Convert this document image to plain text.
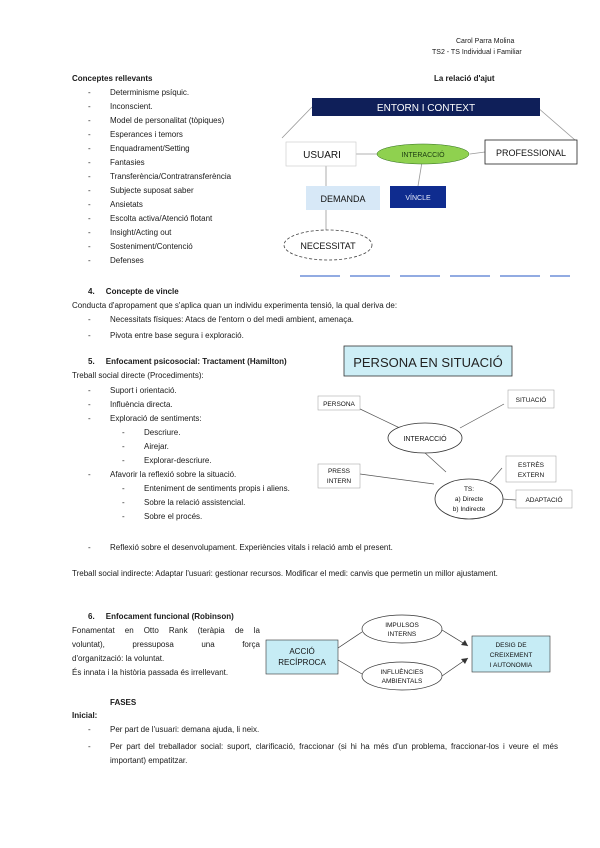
Carol Parra Molina
TS2 - TS Individual i Familiar
Conceptes rellevants
- Determinisme psíquic.
- Inconscient.
- Model de personalitat (tòpiques)
- Esperances i temors
- Enquadrament/Setting
- Fantasies
- Transferència/Contratransferència
- Subjecte suposat saber
- Ansietats
- Escolta activa/Atenció flotant
- Insight/Acting out
- Sosteniment/Contenció
- Defenses
La relació d'ajut
ENTORN I CONTEXT
USUARI	INTERACCIÓ	PROFESSIONAL
DEMANDA	VÍNCLE
NECESSITAT
4. Concepte de vincle
Conducta d'apropament que s'aplica quan un individu experimenta tensió, la qual deriva de:
- Necessitats físiques: Atacs de l'entorn o del medi ambient, amenaça.
- Pivota entre base segura i exploració.
5. Enfocament psicosocial: Tractament (Hamilton)
Treball social directe (Procediments):
- Suport i orientació.
- Influència directa.
- Exploració de sentiments:
- Descriure.
- Airejar.
- Explorar-descriure.
- Afavorir la reflexió sobre la situació.
- Enteniment de sentiments propis i aliens.
- Sobre la relació assistencial.
- Sobre el procés.
- Reflexió sobre el desenvolupament. Experiències vitals i relació amb el present.
Treball social indirecte: Adaptar l'usuari: gestionar recursos. Modificar el medi: canvis que permetin un millor ajustament.
PERSONA EN SITUACIÓ
PERSONA
SITUACIÓ
INTERACCIÓ
PRESS
INTERN
ESTRÈS
EXTERN
TS:
a) Directe
b) Indirecte
ADAPTACIÓ
6. Enfocament funcional (Robinson)
Fonamentat en Otto Rank (teràpia de la
voluntat), pressuposa una força
d'organització: la voluntat.
És innata i la història passada és irrellevant.
ACCIÓ
RECÍPROCA
IMPULSOS
INTERNS
INFLUÈNCIES
AMBIENTALS
DESIG DE
CREIXEMENT
I AUTONOMIA
FASES
Inicial:
- Per part de l'usuari: demana ajuda, li neix.
- Per part del treballador social: suport, clarificació, fraccionar (si hi ha més d'un problema, fraccionar-los i veure el més important) empatitzar.
